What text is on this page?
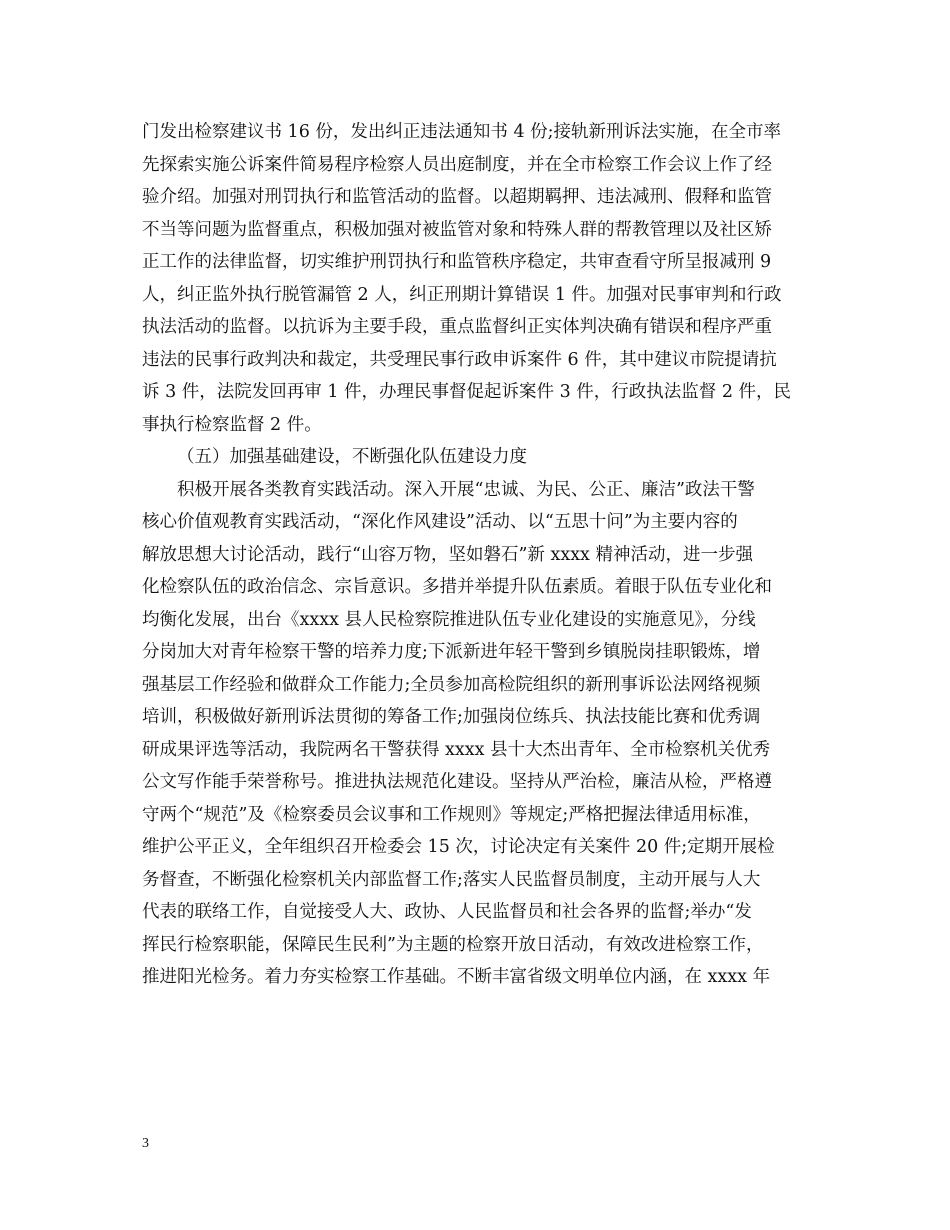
门发出检察建议书 16 份，发出纠正违法通知书 4 份;接轨新刑诉法实施，在全市率
先探索实施公诉案件简易程序检察人员出庭制度，并在全市检察工作会议上作了经
验介绍。加强对刑罚执行和监管活动的监督。以超期羁押、违法减刑、假释和监管
不当等问题为监督重点，积极加强对被监管对象和特殊人群的帮教管理以及社区矫
正工作的法律监督，切实维护刑罚执行和监管秩序稳定，共审查看守所呈报减刑 9
人，纠正监外执行脱管漏管 2 人，纠正刑期计算错误 1 件。加强对民事审判和行政
执法活动的监督。以抗诉为主要手段，重点监督纠正实体判决确有错误和程序严重
违法的民事行政判决和裁定，共受理民事行政申诉案件 6 件，其中建议市院提请抗
诉 3 件，法院发回再审 1 件，办理民事督促起诉案件 3 件，行政执法监督 2 件，民
事执行检察监督 2 件。
（五）加强基础建设，不断强化队伍建设力度
积极开展各类教育实践活动。深入开展“忠诚、为民、公正、廉洁”政法干警
核心价值观教育实践活动，“深化作风建设”活动、以“五思十问”为主要内容的
解放思想大讨论活动，践行“山容万物，坚如磐石”新 xxxx 精神活动，进一步强
化检察队伍的政治信念、宗旨意识。多措并举提升队伍素质。着眼于队伍专业化和
均衡化发展，出台《xxxx 县人民检察院推进队伍专业化建设的实施意见》，分线
分岗加大对青年检察干警的培养力度;下派新进年轻干警到乡镇脱岗挂职锻炼，增
强基层工作经验和做群众工作能力;全员参加高检院组织的新刑事诉讼法网络视频
培训，积极做好新刑诉法贯彻的筹备工作;加强岗位练兵、执法技能比赛和优秀调
研成果评选等活动，我院两名干警获得 xxxx 县十大杰出青年、全市检察机关优秀
公文写作能手荣誉称号。推进执法规范化建设。坚持从严治检，廉洁从检，严格遵
守两个“规范”及《检察委员会议事和工作规则》等规定;严格把握法律适用标准，
维护公平正义，全年组织召开检委会 15 次，讨论决定有关案件 20 件;定期开展检
务督查，不断强化检察机关内部监督工作;落实人民监督员制度，主动开展与人大
代表的联络工作，自觉接受人大、政协、人民监督员和社会各界的监督;举办“发
挥民行检察职能，保障民生民利”为主题的检察开放日活动，有效改进检察工作，
推进阳光检务。着力夯实检察工作基础。不断丰富省级文明单位内涵，在 xxxx 年
3
